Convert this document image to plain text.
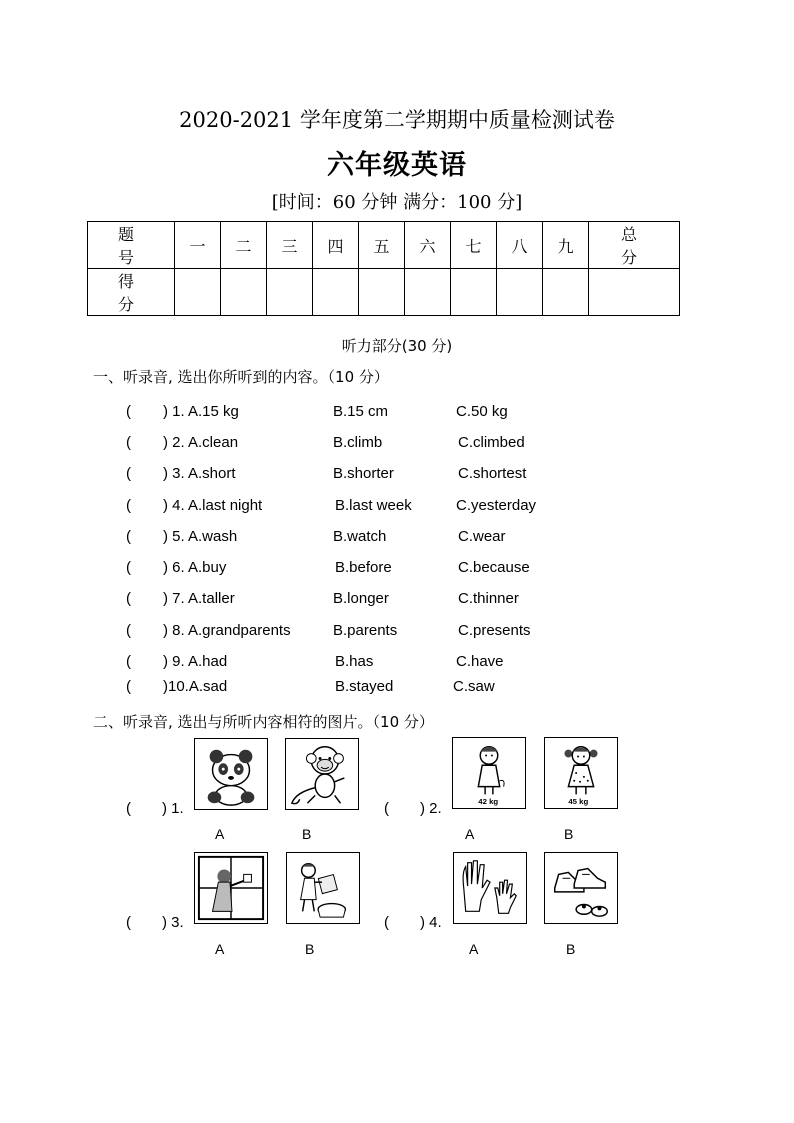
2020-2021 学年度第二学期期中质量检测试卷
六年级英语
[时间：60 分钟 满分：100 分]
题 号	一	二	三	四	五	六	七	八	九	总 分
得 分										
听力部分(30 分)
一、听录音, 选出你所听到的内容。（10 分）
( ) 1. A.15 kg	B.15 cm	C.50 kg
( ) 2. A.clean	B.climb	C.climbed
( ) 3. A.short	B.shorter	C.shortest
( ) 4. A.last night	B.last week	C.yesterday
( ) 5. A.wash	B.watch	C.wear
( ) 6. A.buy	B.before	C.because
( ) 7. A.taller	B.longer	C.thinner
( ) 8. A.grandparents	B.parents	C.presents
( ) 9. A.had	B.has	C.have
( )10.A.sad	B.stayed	C.saw
二、听录音, 选出与所听内容相符的图片。（10 分）
( ) 1.
A	B
( ) 2.	42 kg	45 kg
A	B
( ) 3.
A	B
( ) 4.
A	B
